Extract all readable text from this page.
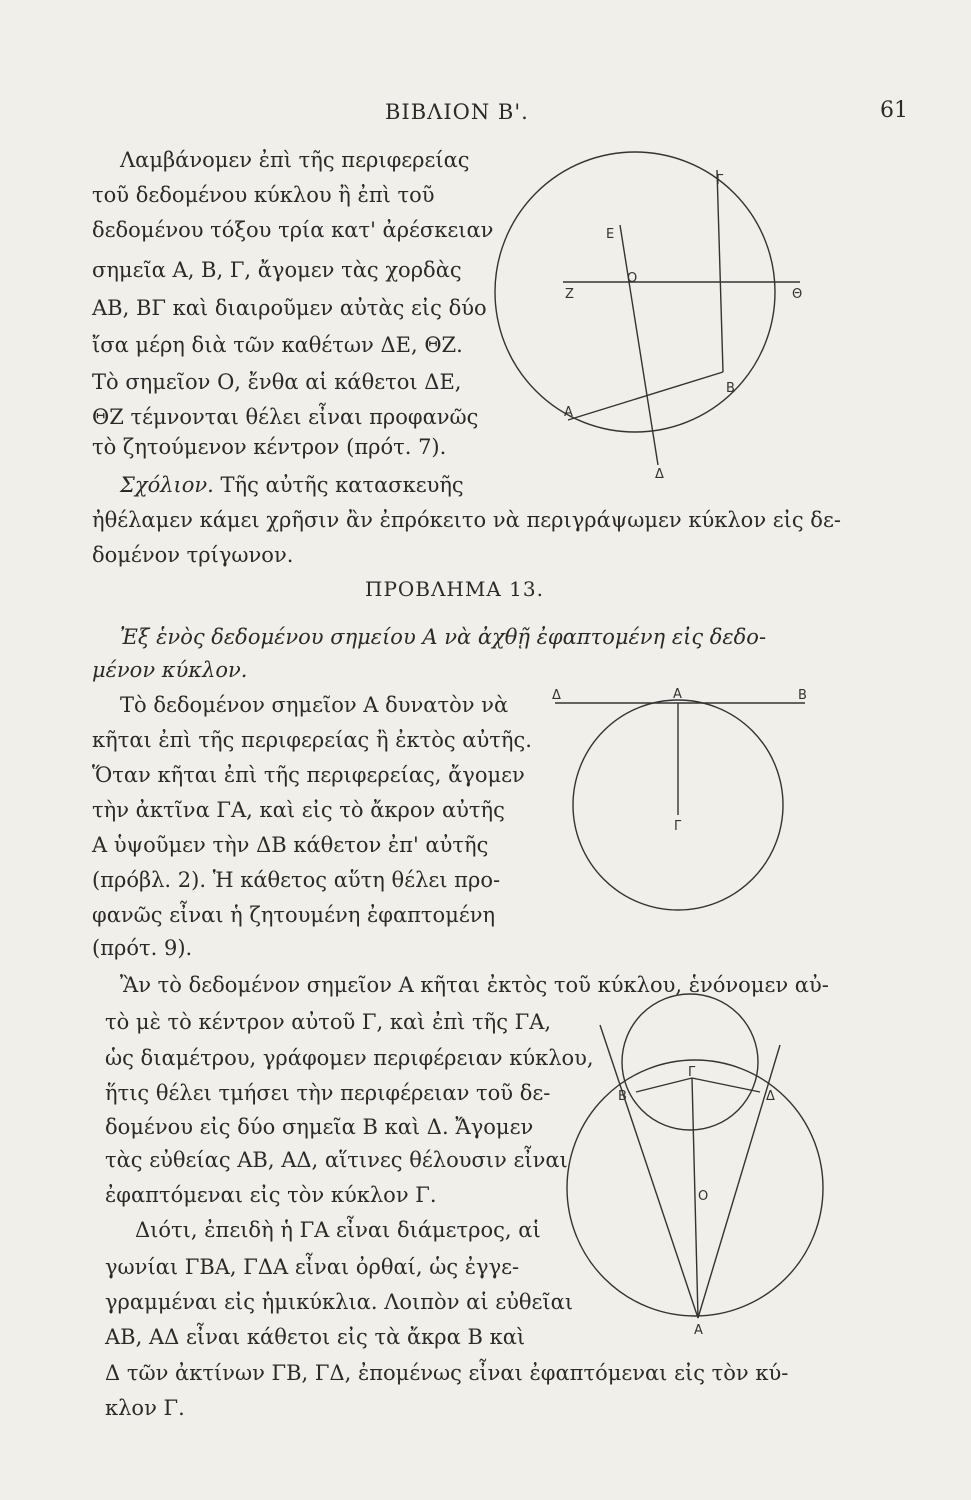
ΒΙΒΛΙΟΝ Β'.	61
Λαμβάνομεν ἐπὶ τῆς περιφερείας
τοῦ δεδομένου κύκλου ἢ ἐπὶ τοῦ
δεδομένου τόξου τρία κατ' ἀρέσκειαν
σημεῖα Α, Β, Γ, ἄγομεν τὰς χορδὰς
ΑΒ, ΒΓ καὶ διαιροῦμεν αὐτὰς εἰς δύο
ἴσα μέρη διὰ τῶν καθέτων ΔΕ, ΘΖ.
Τὸ σημεῖον Ο, ἔνθα αἱ κάθετοι ΔΕ,
ΘΖ τέμνονται θέλει εἶναι προφανῶς
τὸ ζητούμενον κέντρον (πρότ. 7).
Σχόλιον. Τῆς αὐτῆς κατασκευῆς
ἠθέλαμεν κάμει χρῆσιν ἂν ἐπρόκειτο νὰ περιγράψωμεν κύκλον εἰς δε-
δομένον τρίγωνον.
ΠΡΟΒΛΗΜΑ 13.
Ἐξ ἑνὸς δεδομένου σημείου Α νὰ ἀχθῇ ἐφαπτομένη εἰς δεδο-
μένον κύκλον.
Τὸ δεδομένον σημεῖον Α δυνατὸν νὰ
κῆται ἐπὶ τῆς περιφερείας ἢ ἐκτὸς αὐτῆς.
Ὅταν κῆται ἐπὶ τῆς περιφερείας, ἄγομεν
τὴν ἀκτῖνα ΓΑ, καὶ εἰς τὸ ἄκρον αὐτῆς
Α ὑψοῦμεν τὴν ΔΒ κάθετον ἐπ' αὐτῆς
(πρόβλ. 2). Ἡ κάθετος αὕτη θέλει προ-
φανῶς εἶναι ἡ ζητουμένη ἐφαπτομένη
(πρότ. 9).
Ἂν τὸ δεδομένον σημεῖον Α κῆται ἐκτὸς τοῦ κύκλου, ἑνόνομεν αὐ-
τὸ μὲ τὸ κέντρον αὐτοῦ Γ, καὶ ἐπὶ τῆς ΓΑ,
ὡς διαμέτρου, γράφομεν περιφέρειαν κύκλου,
ἥτις θέλει τμήσει τὴν περιφέρειαν τοῦ δε-
δομένου εἰς δύο σημεῖα Β καὶ Δ. Ἄγομεν
τὰς εὐθείας ΑΒ, ΑΔ, αἵτινες θέλουσιν εἶναι
ἐφαπτόμεναι εἰς τὸν κύκλον Γ.
Διότι, ἐπειδὴ ἡ ΓΑ εἶναι διάμετρος, αἱ
γωνίαι ΓΒΑ, ΓΔΑ εἶναι ὀρθαί, ὡς ἐγγε-
γραμμέναι εἰς ἡμικύκλια. Λοιπὸν αἱ εὐθεῖαι
ΑΒ, ΑΔ εἶναι κάθετοι εἰς τὰ ἄκρα Β καὶ
Δ τῶν ἀκτίνων ΓΒ, ΓΔ, ἐπομένως εἶναι ἐφαπτόμεναι εἰς τὸν κύ-
κλον Γ.
Γ
Ε
Ο
Ζ	Θ
Β
Α
Δ
Δ	Α	Β
Γ
Γ
Β	Δ
Ο
Α
